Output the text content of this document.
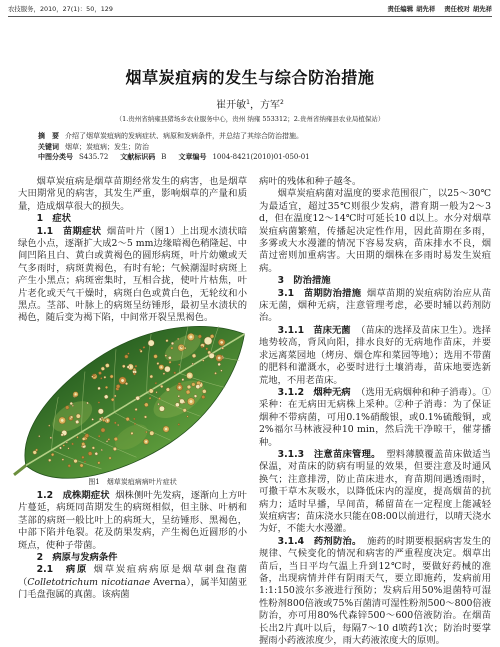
农技服务，2010，27(1)：50，129	责任编辑 胡先祥 责任校对 胡先祥
烟草炭疽病的发生与综合防治措施
崔开敏$^1$，方军$^2$
（1.贵州省纳雍县猪场乡农业服务中心，贵州 纳雍 553312；2.贵州省纳雍县农业局植保站）
摘　要 介绍了烟草炭疽病的发病症状、病原和发病条件，并总结了其综合防治措施。
关键词 烟草；炭疽病；发生；防治
中图分类号 S435.72 文献标识码 B 文章编号 1004-8421(2010)01-050-01

烟草炭疽病是烟草苗期经常发生的病害，也是烟草大田期常见的病害，其发生严重，影响烟草的产量和质量，造成烟草很大的损失。

1　症状

1.1　苗期症状 烟苗叶片（图1）上出现水渍状暗绿色小点，逐渐扩大成2～5 mm边缘暗褐色稍隆起、中间凹陷且白、黄白或黄褐色的圆形病斑，叶片幼嫩或天气多雨时，病斑黄褐色，有时有轮；气候潮湿时病斑上产生小黑点；病斑密集时，互相合拢，使叶片枯焦，叶片老化或天气干燥时，病斑白色或黄白色，无轮纹和小黑点。茎部、叶脉上的病斑呈纺锤形，最初呈水渍状的褐色，随后变为褐下陷，中间常开裂呈黑褐色。

图1　烟草炭疽病病叶片症状

1.2　成株期症状 烟株侧叶先发病，逐渐向上方叶片蔓延，病斑同苗期发生的病斑相似，但主脉、叶柄和茎部的病斑一般比叶上的病斑大，呈纺锤形、黑褐色，中部下陷并龟裂。花及荫果发病，产生褐色近圆形的小斑点，使种子带菌。

2　病原与发病条件

2.1　病原 烟草炭疽病病原是烟草刺盘孢菌（Colletotrichum nicotianae Averna），属半知菌亚门毛盘孢属的真菌。该病菌

病叶的残体和种子越冬。

烟草炭疽病菌对温度的要求范围很广，以25～30℃为最适宜，超过35℃则很少发病，潜育期一般为2～3 d，但在温度12～14℃时可延长10 d以上。水分对烟草炭疽病菌繁殖，传播起决定性作用，因此苗期在多雨，多雾或大水漫灌的情况下容易发病，苗床排水不良，烟苗过密则加重病害。大田期的烟株在多雨时易发生炭疽病。

3　防治措施

3.1　苗期防治措施 烟草苗期的炭疽病防治应从苗床无菌，烟种无病，注意管理考虑，必要时辅以药剂防治。

3.1.1　苗床无菌 （苗床的选择及苗床卫生）。选择地势较高，背风向阳，排水良好的无病地作苗床，并要求远离菜园地（烤房、烟仓库和菜园等地）；选用不带菌的肥料和灌溉水，必要时进行土壤消毒，苗床地要选新荒地，不用老苗床。

3.1.2　烟种无病 （选用无病烟种和种子消毒）。①采种：在无病田无病株上采种。②种子消毒：为了保证烟种不带病菌，可用0.1%硝酸银，或0.1%硫酸铜，或2%福尔马林液浸种10 min，然后洗干净晾干，催芽播种。

3.1.3　注意苗床管理。 塑料薄膜覆盖苗床做适当保温，对苗床的防病有明显的效果，但要注意及时通风换气；注意排涝，防止苗床进水，育苗期间遇透雨时，可撒干草木灰吸水，以降低床内的湿度，提高烟苗的抗病力；适时早播，早间苗，稀留苗在一定程度上能减轻炭疽病害；苗床浇水只能在08:00以前进行，以晴天浇水为好，不能大水漫灌。

3.1.4　药剂防治。 施药的时期要根据病害发生的规律、气候变化的情况和病害的严重程度决定。烟草出苗后，当日平均气温上升到12℃时，要做好药械的准备，出现病情并伴有阴雨天气，要立即施药，发病前用1:1:150波尔多液进行预防；发病后用50%退菌特可湿性粉剂800倍液或75%百菌清可湿性粉剂500～800倍液防治，亦可用80%代森锌500～600倍液防治。在烟苗长出2片真叶以后，每隔7～10 d喷药1次；防治时要掌握雨小药液浓度少，雨大药液浓度大的原则。
